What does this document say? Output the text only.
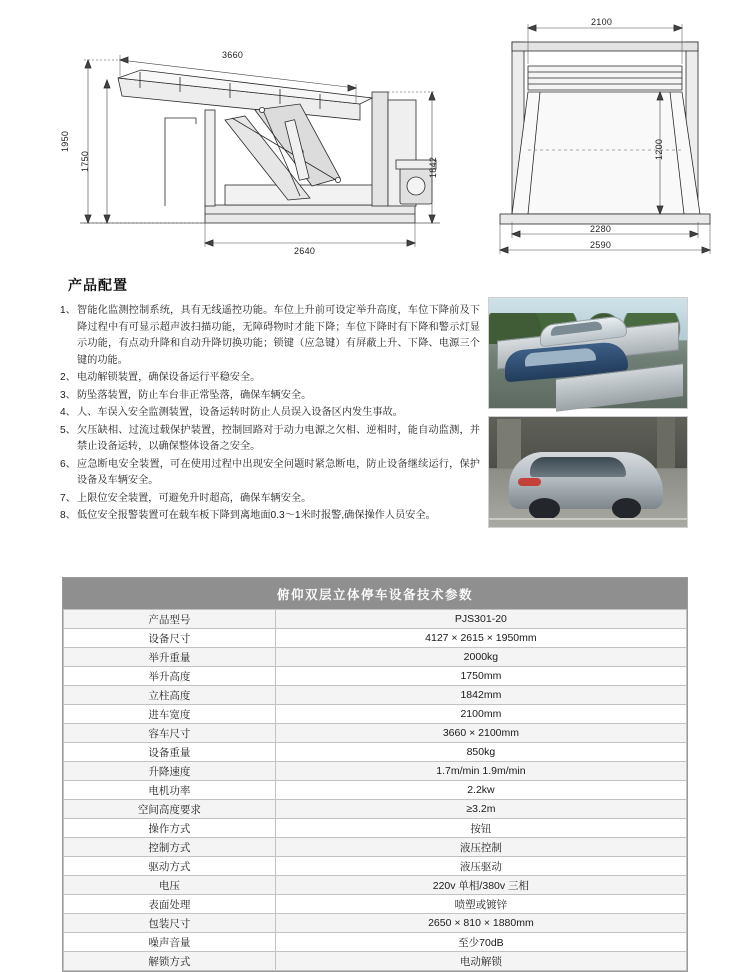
3660
1950
1750	1842
2640
2100
1200
2280
2590
产品配置
1、 智能化监测控制系统，具有无线遥控功能。车位上升前可设定举升高度，车位下降前及下降过程中有可显示超声波扫描功能，无障碍物时才能下降；车位下降时有下降和警示灯显示功能，有点动升降和自动升降切换功能；锁键（应急键）有屏蔽上升、下降、电源三个键的功能。
2、 电动解锁装置，确保设备运行平稳安全。
3、 防坠落装置，防止车台非正常坠落，确保车辆安全。
4、 人、车误入安全监测装置，设备运转时防止人员误入设备区内发生事故。
5、 欠压缺相、过流过载保护装置，控制回路对于动力电源之欠相、逆相时，能自动监测，并禁止设备运转，以确保整体设备之安全。
6、 应急断电安全装置，可在使用过程中出现安全问题时紧急断电，防止设备继续运行，保护设备及车辆安全。
7、 上限位安全装置，可避免升时超高，确保车辆安全。
8、 低位安全报警装置可在载车板下降到离地面0.3～1米时报警,确保操作人员安全。
俯仰双层立体停车设备技术参数
产品型号	PJS301-20
设备尺寸	4127 × 2615 × 1950mm
举升重量	2000kg
举升高度	1750mm
立柱高度	1842mm
进车宽度	2100mm
容车尺寸	3660 × 2100mm
设备重量	850kg
升降速度	1.7m/min 1.9m/min
电机功率	2.2kw
空间高度要求	≥3.2m
操作方式	按钮
控制方式	液压控制
驱动方式	液压驱动
电压	220v 单相/380v 三相
表面处理	喷塑或镀锌
包装尺寸	2650 × 810 × 1880mm
噪声音量	至少70dB
解锁方式	电动解锁
